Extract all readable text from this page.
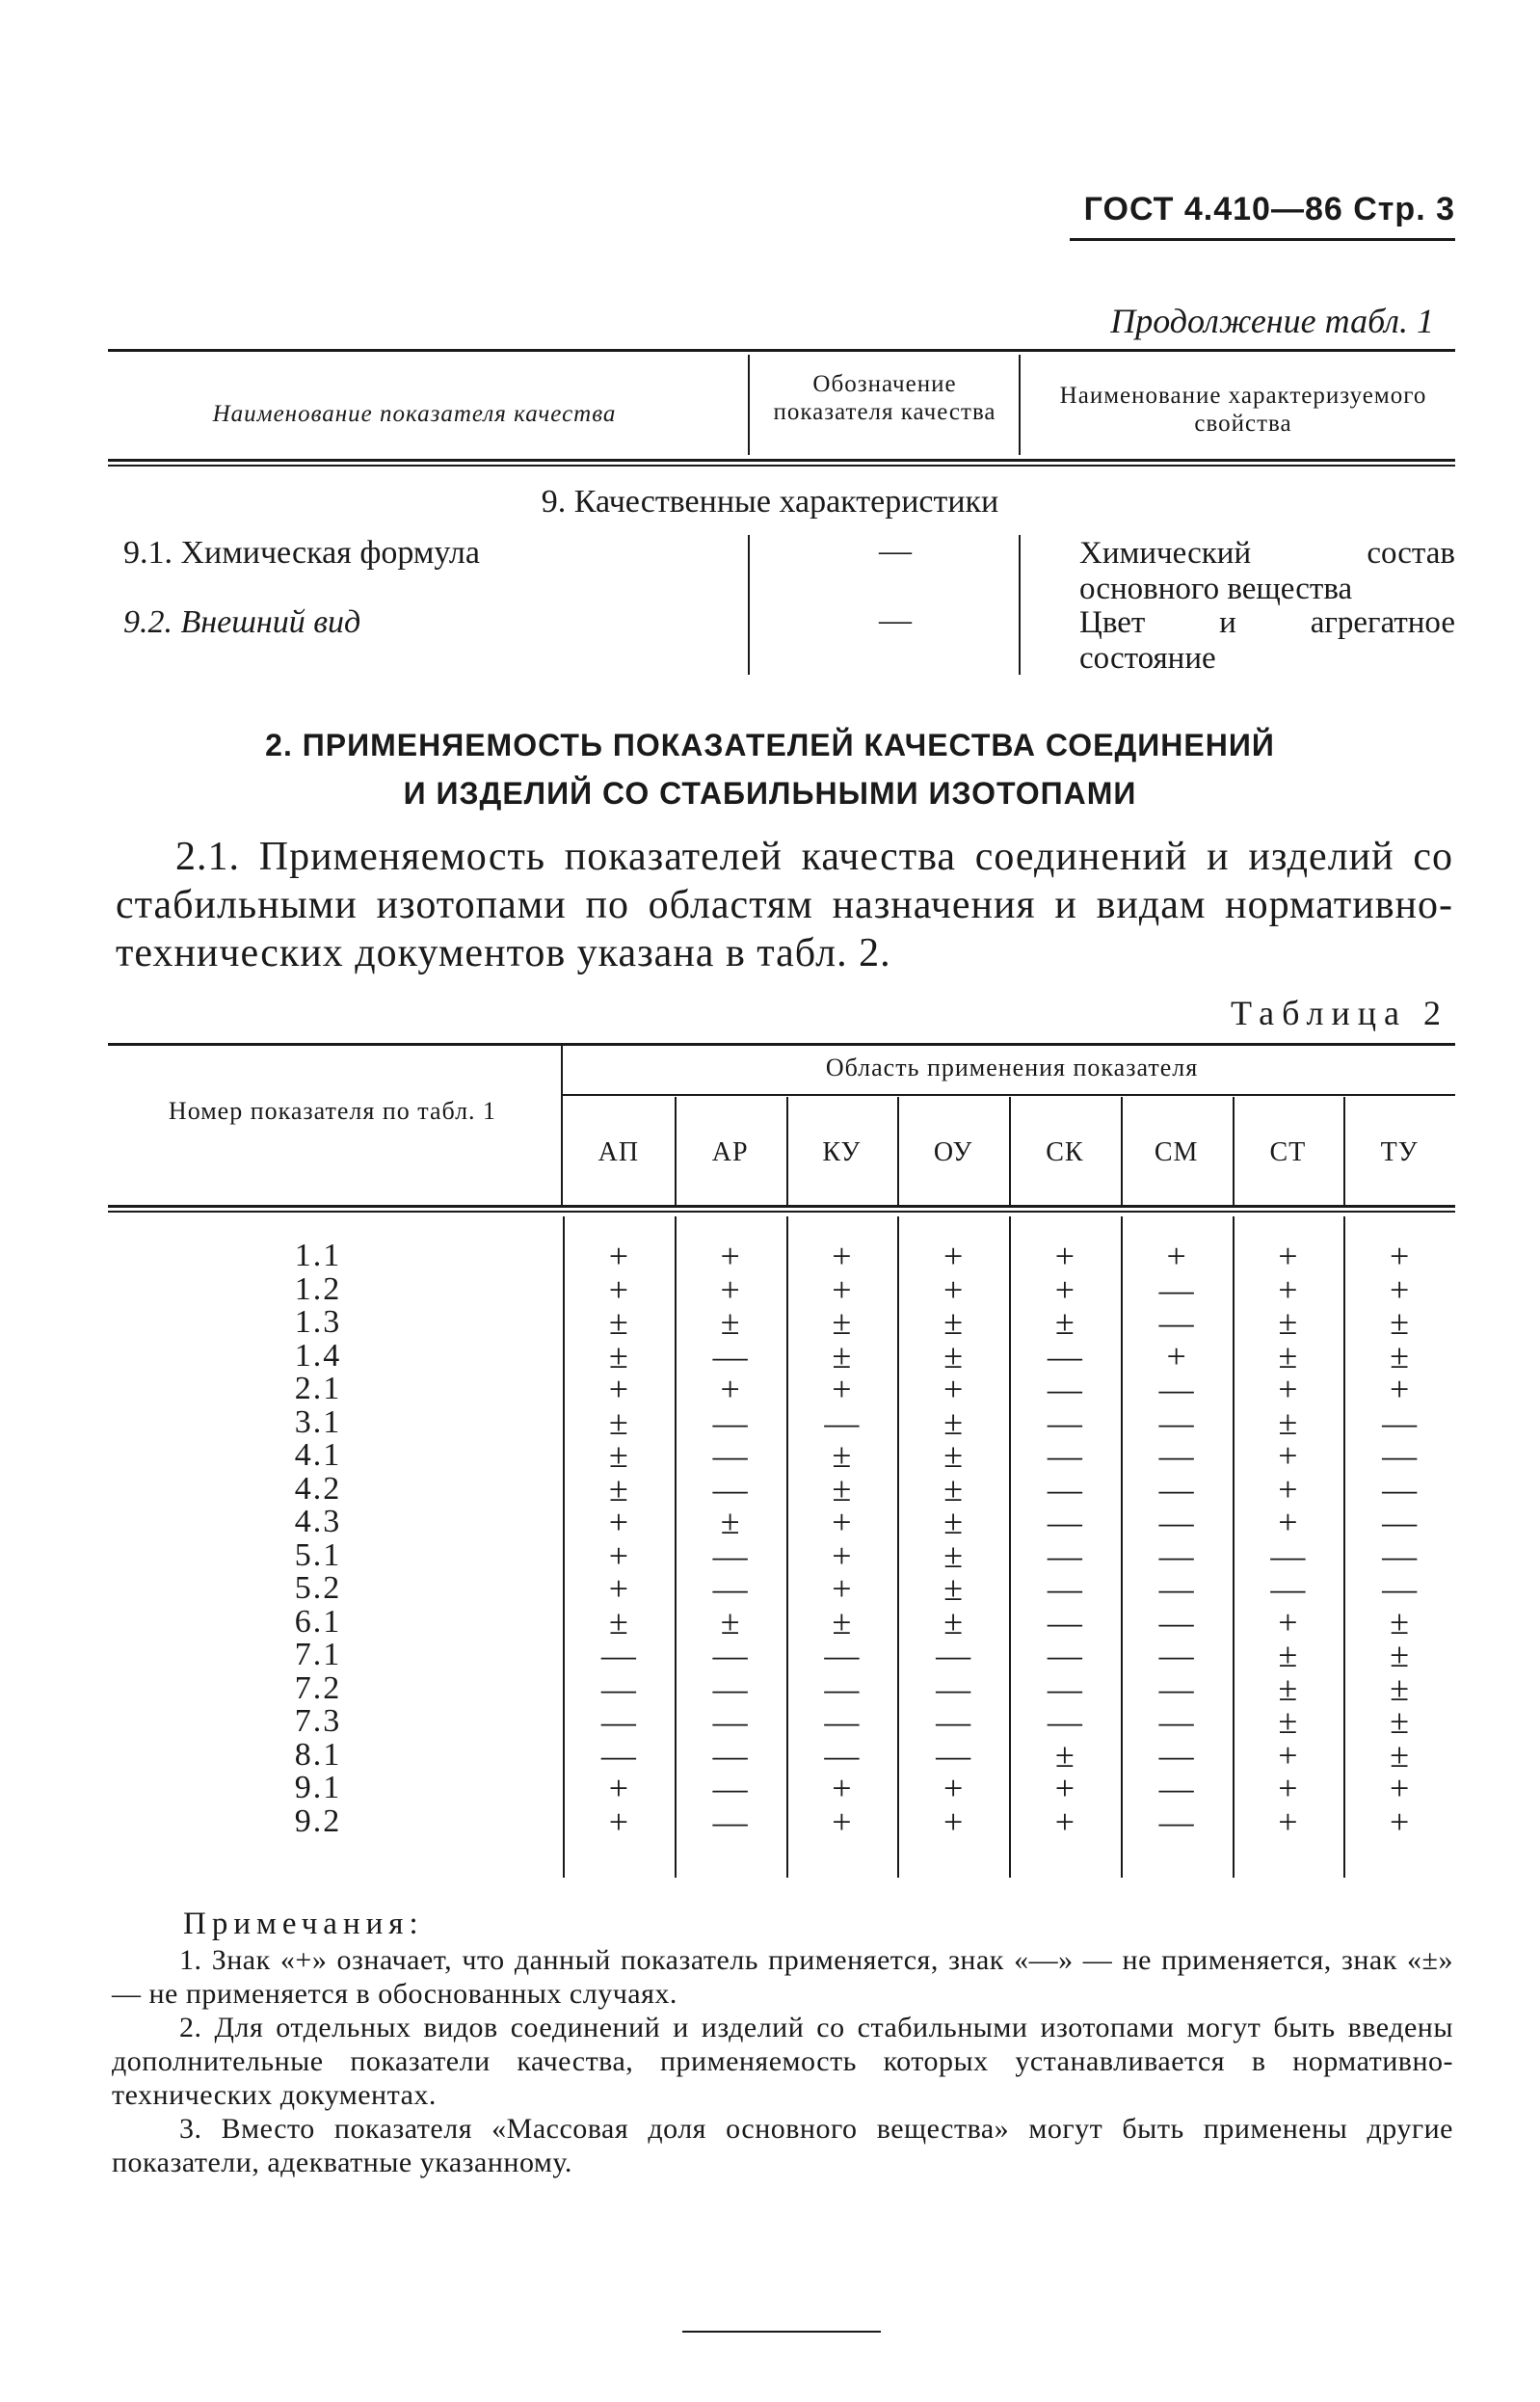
ГОСТ 4.410—86 Стр. 3
Продолжение табл. 1
Наименование показателя качества
Обозначение показателя качества
Наименование характеризуемого свойства
9. Качественные характеристики
9.1. Химическая формула	—	Химический состав основного вещества
9.2. Внешний вид	—	Цвет и агрегатное состояние
2. ПРИМЕНЯЕМОСТЬ ПОКАЗАТЕЛЕЙ КАЧЕСТВА СОЕДИНЕНИЙ
И ИЗДЕЛИЙ СО СТАБИЛЬНЫМИ ИЗОТОПАМИ
2.1. Применяемость показателей качества соединений и изделий со стабильными изотопами по областям назначения и видам нормативно-технических документов указана в табл. 2.
Таблица 2
Номер показателя по табл. 1
Область применения показателя
АП	АР	КУ	ОУ	СК	СМ	СТ	ТУ
1.1	+	+	+	+	+	+	+	+
1.2	+	+	+	+	+	—	+	+
1.3	±	±	±	±	±	—	±	±
1.4	±	—	±	±	—	+	±	±
2.1	+	+	+	+	—	—	+	+
3.1	±	—	—	±	—	—	±	—
4.1	±	—	±	±	—	—	+	—
4.2	±	—	±	±	—	—	+	—
4.3	+	±	+	±	—	—	+	—
5.1	+	—	+	±	—	—	—	—
5.2	+	—	+	±	—	—	—	—
6.1	±	±	±	±	—	—	+	±
7.1	—	—	—	—	—	—	±	±
7.2	—	—	—	—	—	—	±	±
7.3	—	—	—	—	—	—	±	±
8.1	—	—	—	—	±	—	+	±
9.1	+	—	+	+	+	—	+	+
9.2	+	—	+	+	+	—	+	+
Примечания:
1. Знак «+» означает, что данный показатель применяется, знак «—» — не применяется, знак «±» — не применяется в обоснованных случаях.
2. Для отдельных видов соединений и изделий со стабильными изотопами могут быть введены дополнительные показатели качества, применяемость которых устанавливается в нормативно-технических документах.
3. Вместо показателя «Массовая доля основного вещества» могут быть применены другие показатели, адекватные указанному.
